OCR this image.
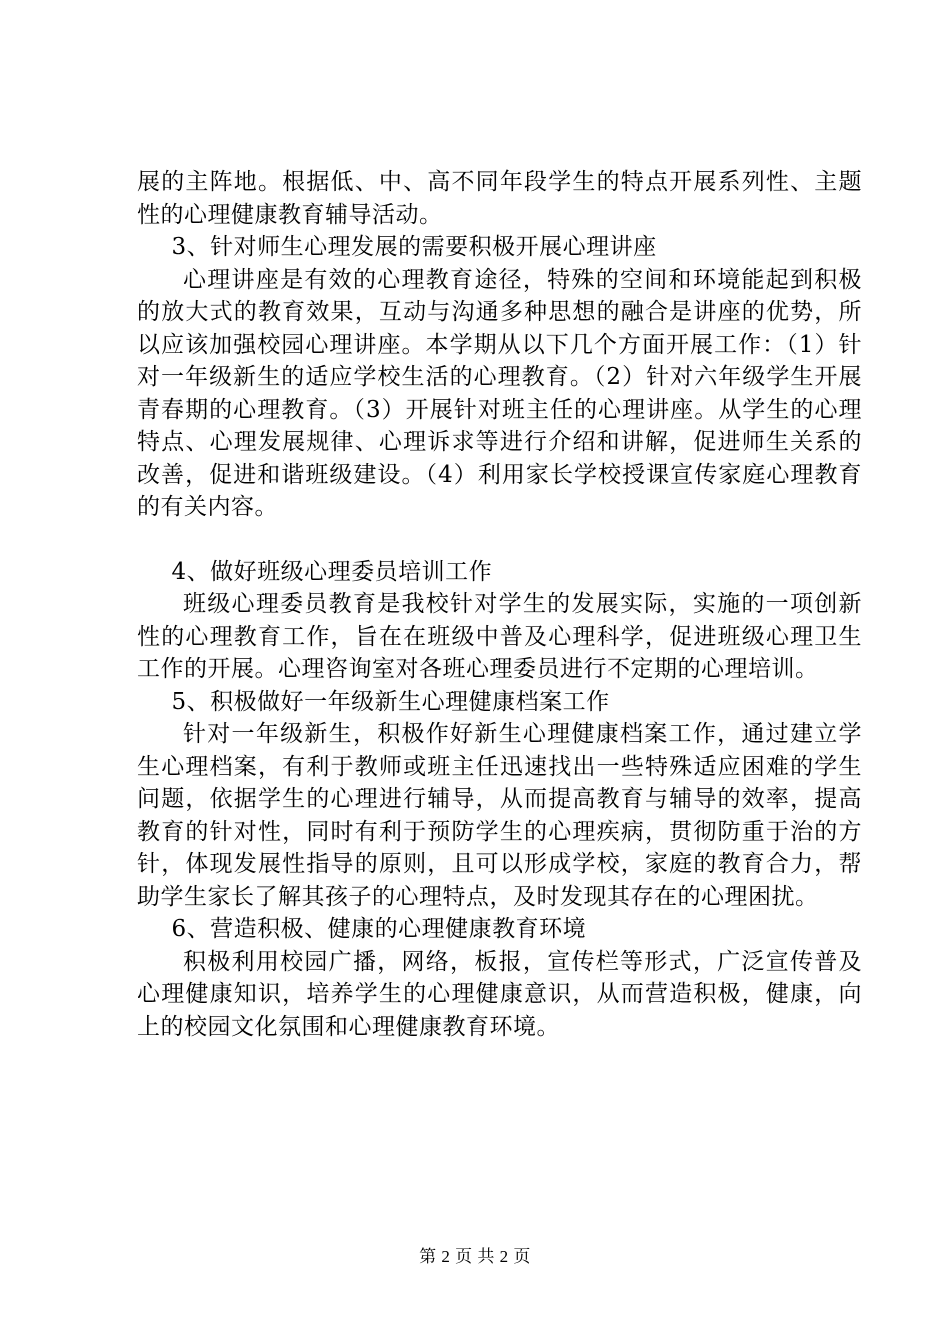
展的主阵地。根据低、中、高不同年段学生的特点开展系列性、主题性的心理健康教育辅导活动。

3、针对师生心理发展的需要积极开展心理讲座

心理讲座是有效的心理教育途径，特殊的空间和环境能起到积极的放大式的教育效果，互动与沟通多种思想的融合是讲座的优势，所以应该加强校园心理讲座。本学期从以下几个方面开展工作：（1）针对一年级新生的适应学校生活的心理教育。（2）针对六年级学生开展青春期的心理教育。（3）开展针对班主任的心理讲座。从学生的心理特点、心理发展规律、心理诉求等进行介绍和讲解，促进师生关系的改善，促进和谐班级建设。（4）利用家长学校授课宣传家庭心理教育的有关内容。

4、做好班级心理委员培训工作

班级心理委员教育是我校针对学生的发展实际，实施的一项创新性的心理教育工作，旨在在班级中普及心理科学，促进班级心理卫生工作的开展。心理咨询室对各班心理委员进行不定期的心理培训。

5、积极做好一年级新生心理健康档案工作

针对一年级新生，积极作好新生心理健康档案工作，通过建立学生心理档案，有利于教师或班主任迅速找出一些特殊适应困难的学生问题，依据学生的心理进行辅导，从而提高教育与辅导的效率，提高教育的针对性，同时有利于预防学生的心理疾病，贯彻防重于治的方针，体现发展性指导的原则，且可以形成学校，家庭的教育合力，帮助学生家长了解其孩子的心理特点，及时发现其存在的心理困扰。

6、营造积极、健康的心理健康教育环境

积极利用校园广播，网络，板报，宣传栏等形式，广泛宣传普及心理健康知识，培养学生的心理健康意识，从而营造积极，健康，向上的校园文化氛围和心理健康教育环境。

第 2 页 共 2 页
